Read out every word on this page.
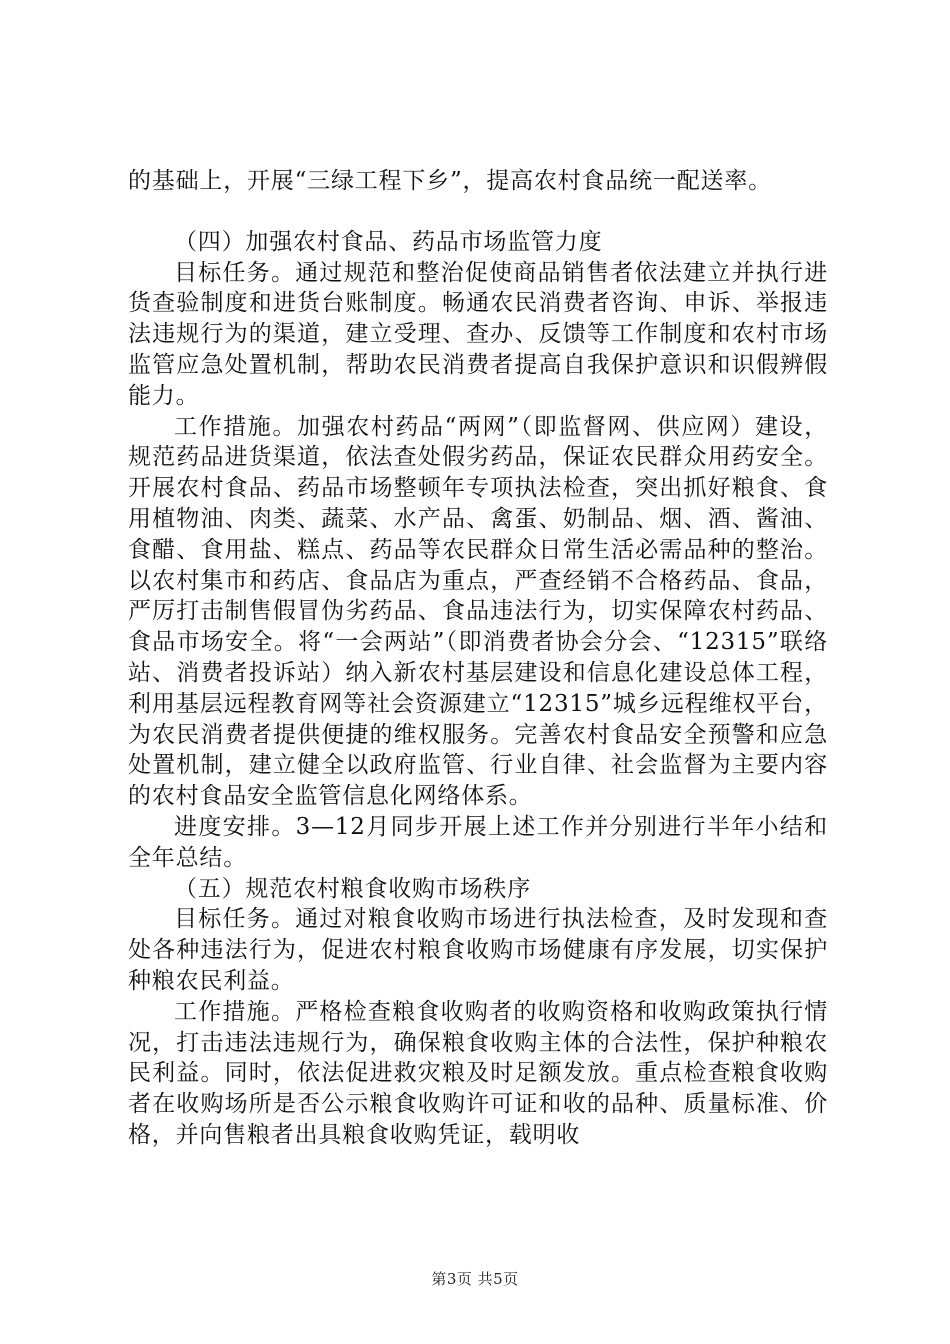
的基础上，开展“三绿工程下乡”，提高农村食品统一配送率。

（四）加强农村食品、药品市场监管力度

目标任务。通过规范和整治促使商品销售者依法建立并执行进货查验制度和进货台账制度。畅通农民消费者咨询、申诉、举报违法违规行为的渠道，建立受理、查办、反馈等工作制度和农村市场监管应急处置机制，帮助农民消费者提高自我保护意识和识假辨假能力。

工作措施。加强农村药品“两网”（即监督网、供应网）建设，规范药品进货渠道，依法查处假劣药品，保证农民群众用药安全。开展农村食品、药品市场整顿年专项执法检查，突出抓好粮食、食用植物油、肉类、蔬菜、水产品、禽蛋、奶制品、烟、酒、酱油、食醋、食用盐、糕点、药品等农民群众日常生活必需品种的整治。以农村集市和药店、食品店为重点，严查经销不合格药品、食品，严厉打击制售假冒伪劣药品、食品违法行为，切实保障农村药品、食品市场安全。将“一会两站”（即消费者协会分会、“12315”联络站、消费者投诉站）纳入新农村基层建设和信息化建设总体工程，利用基层远程教育网等社会资源建立“12315”城乡远程维权平台，为农民消费者提供便捷的维权服务。完善农村食品安全预警和应急处置机制，建立健全以政府监管、行业自律、社会监督为主要内容的农村食品安全监管信息化网络体系。

进度安排。3—12月同步开展上述工作并分别进行半年小结和全年总结。

（五）规范农村粮食收购市场秩序

目标任务。通过对粮食收购市场进行执法检查，及时发现和查处各种违法行为，促进农村粮食收购市场健康有序发展，切实保护种粮农民利益。

工作措施。严格检查粮食收购者的收购资格和收购政策执行情况，打击违法违规行为，确保粮食收购主体的合法性，保护种粮农民利益。同时，依法促进救灾粮及时足额发放。重点检查粮食收购者在收购场所是否公示粮食收购许可证和收的品种、质量标准、价格，并向售粮者出具粮食收购凭证，载明收

第3页 共5页
